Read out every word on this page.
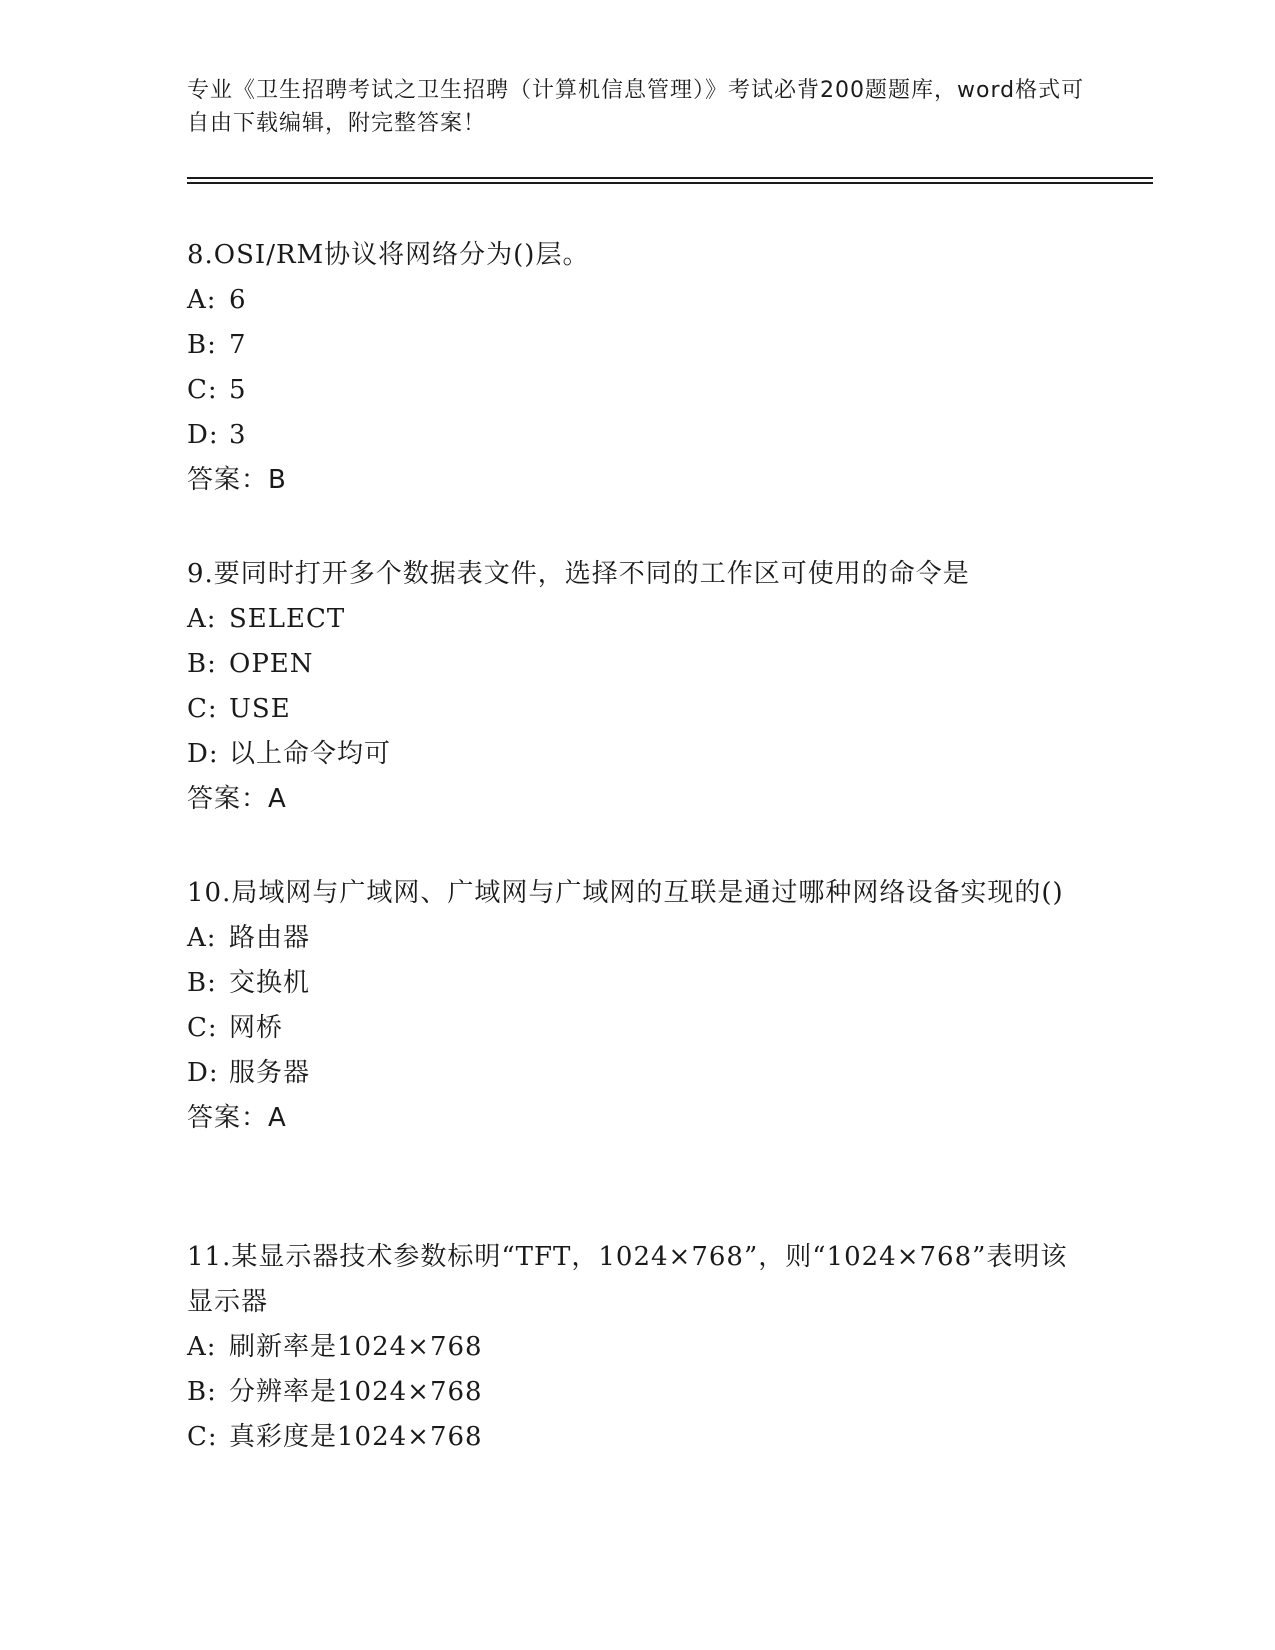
专业《卫生招聘考试之卫生招聘（计算机信息管理）》考试必背200题题库，word格式可自由下载编辑，附完整答案！

8.OSI/RM协议将网络分为()层。

A: 6
B: 7
C: 5
D: 3
答案：B

9.要同时打开多个数据表文件，选择不同的工作区可使用的命令是

A: SELECT
B: OPEN
C: USE
D: 以上命令均可
答案：A

10.局域网与广域网、广域网与广域网的互联是通过哪种网络设备实现的()

A: 路由器
B: 交换机
C: 网桥
D: 服务器
答案：A

11.某显示器技术参数标明“TFT，1024×768”，则“1024×768”表明该显示器

A: 刷新率是1024×768
B: 分辨率是1024×768
C: 真彩度是1024×768
